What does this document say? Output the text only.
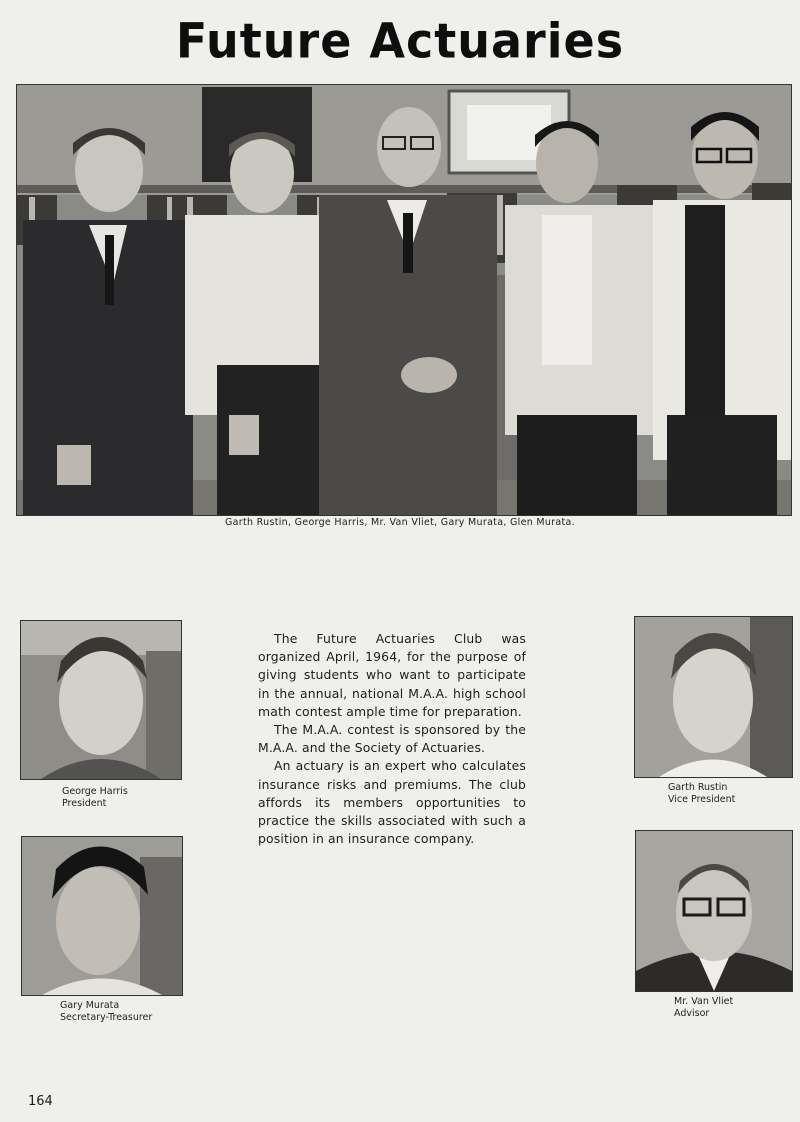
Future Actuaries
Garth Rustin, George Harris, Mr. Van Vliet, Gary Murata, Glen Murata.
George Harris
President
Garth Rustin
Vice President
Gary Murata
Secretary-Treasurer
Mr. Van Vliet
Advisor

The Future Actuaries Club was organized April, 1964, for the purpose of giving students who want to participate in the annual, national M.A.A. high school math contest ample time for preparation.

The M.A.A. contest is sponsored by the M.A.A. and the Society of Actuaries.

An actuary is an expert who calculates insurance risks and premiums. The club affords its members opportunities to practice the skills associated with such a position in an insurance company.

164
